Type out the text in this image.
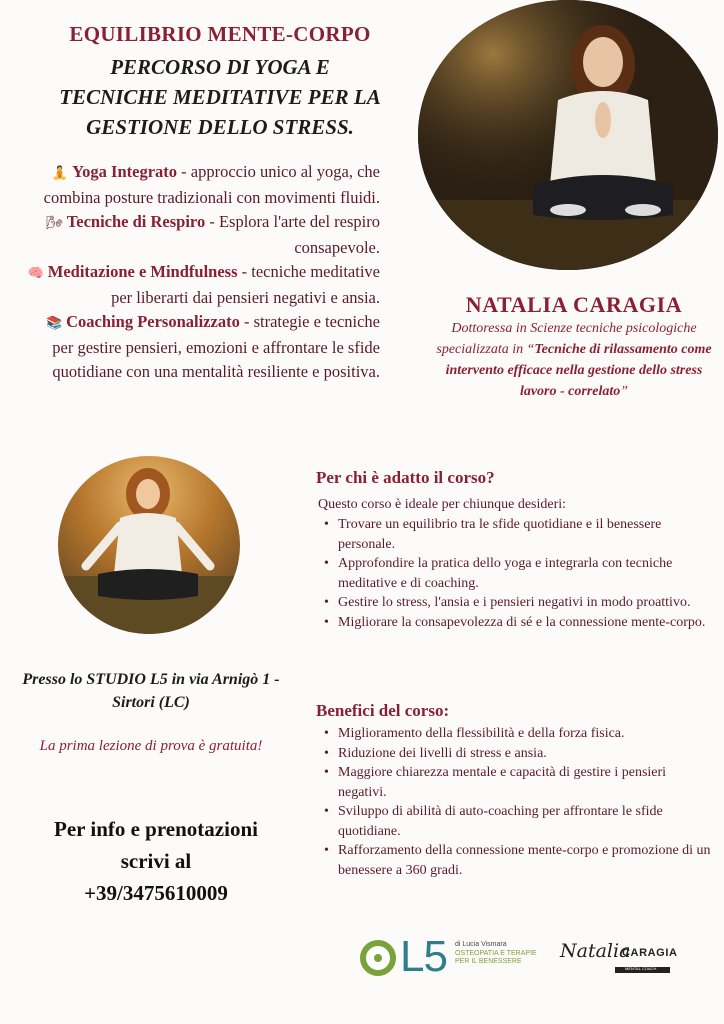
EQUILIBRIO MENTE-CORPO
PERCORSO DI YOGA E
TECNICHE MEDITATIVE PER LA
GESTIONE DELLO STRESS.
🧘 Yoga Integrato - approccio unico al yoga, che combina posture tradizionali con movimenti fluidi.
🌬 Tecniche di Respiro - Esplora l'arte del respiro consapevole.
🧠 Meditazione e Mindfulness - tecniche meditative per liberarti dai pensieri negativi e ansia.
📚 Coaching Personalizzato - strategie e tecniche per gestire pensieri, emozioni e affrontare le sfide quotidiane con una mentalità resiliente e positiva.
NATALIA CARAGIA
Dottoressa in Scienze tecniche psicologiche specializzata in “Tecniche di rilassamento come intervento efficace nella gestione dello stress lavoro - correlato”
Per chi è adatto il corso?
Questo corso è ideale per chiunque desideri:
• Trovare un equilibrio tra le sfide quotidiane e il benessere personale.
• Approfondire la pratica dello yoga e integrarla con tecniche meditative e di coaching.
• Gestire lo stress, l'ansia e i pensieri negativi in modo proattivo.
• Migliorare la consapevolezza di sé e la connessione mente-corpo.
Benefici del corso:
• Miglioramento della flessibilità e della forza fisica.
• Riduzione dei livelli di stress e ansia.
• Maggiore chiarezza mentale e capacità di gestire i pensieri negativi.
• Sviluppo di abilità di auto-coaching per affrontare le sfide quotidiane.
• Rafforzamento della connessione mente-corpo e promozione di un benessere a 360 gradi.
Presso lo STUDIO L5 in via Arnigò 1 -
Sirtori (LC)
La prima lezione di prova è gratuita!
Per info e prenotazioni
scrivi al
+39/3475610009
L5 di Lucia Vismara
OSTEOPATIA E TERAPIE PER IL BENESSERE	Natalia
CARAGIA
MENTAL COACH
